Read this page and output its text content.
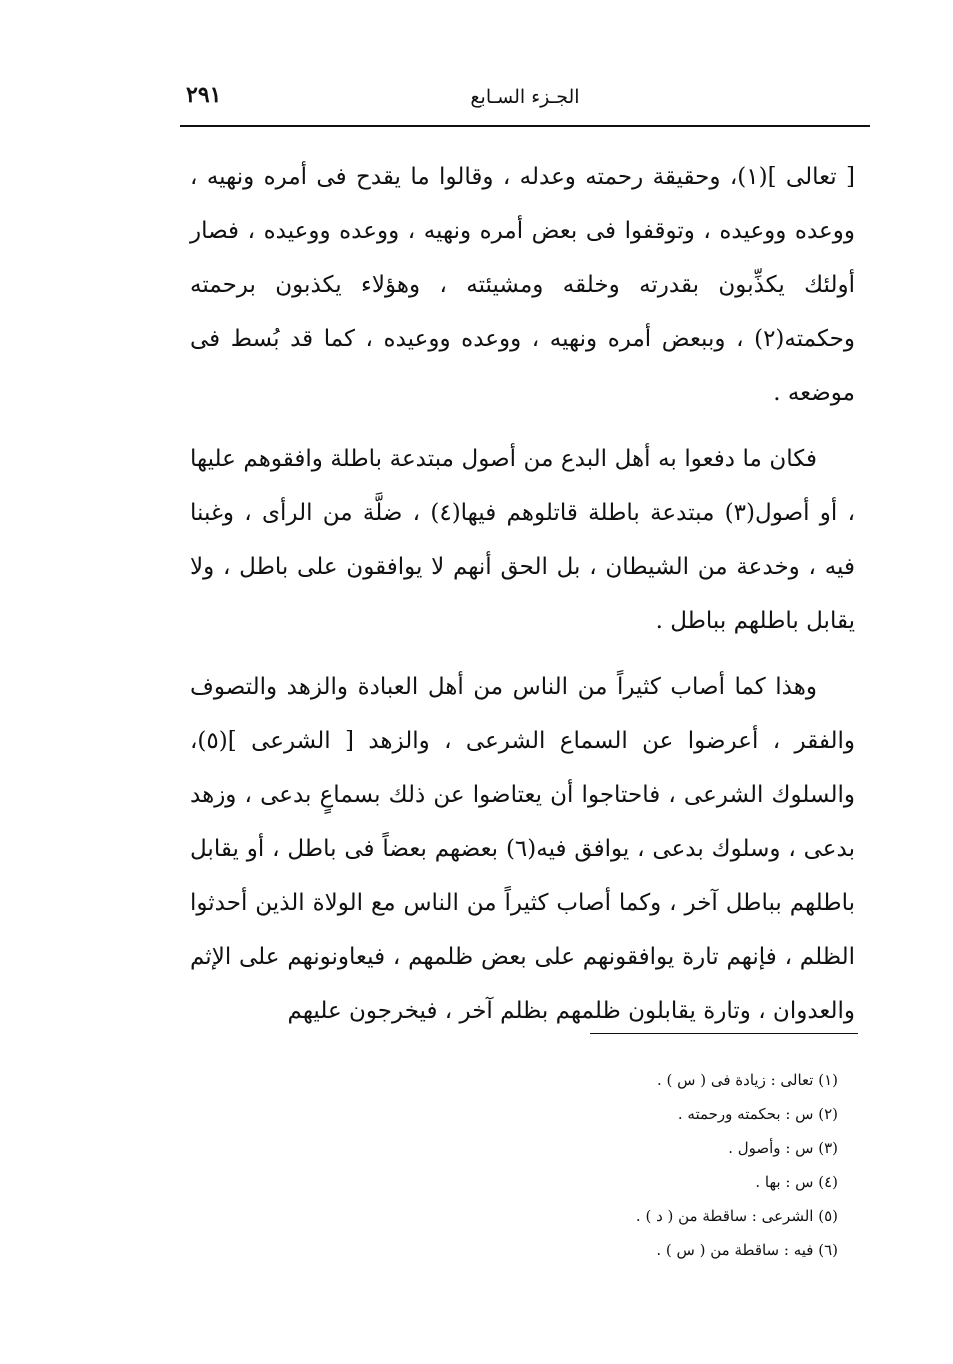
الجـزء السـابع
٢٩١

[ تعالى ](١)، وحقيقة رحمته وعدله ، وقالوا ما يقدح فى أمره ونهيه ، ووعده ووعيده ، وتوقفوا فى بعض أمره ونهيه ، ووعده ووعيده ، فصار أولئك يكذِّبون بقدرته وخلقه ومشيئته ، وهؤلاء يكذبون برحمته وحكمته(٢) ، وببعض أمره ونهيه ، ووعده ووعيده ، كما قد بُسط فى موضعه .

فكان ما دفعوا به أهل البدع من أصول مبتدعة باطلة وافقوهم عليها ، أو أصول(٣) مبتدعة باطلة قاتلوهم فيها(٤) ، ضلَّة من الرأى ، وغبنا فيه ، وخدعة من الشيطان ، بل الحق أنهم لا يوافقون على باطل ، ولا يقابل باطلهم بباطل .

وهذا كما أصاب كثيراً من الناس من أهل العبادة والزهد والتصوف والفقر ، أعرضوا عن السماع الشرعى ، والزهد [ الشرعى ](٥)، والسلوك الشرعى ، فاحتاجوا أن يعتاضوا عن ذلك بسماعٍ بدعى ، وزهد بدعى ، وسلوك بدعى ، يوافق فيه(٦) بعضهم بعضاً فى باطل ، أو يقابل باطلهم بباطل آخر ، وكما أصاب كثيراً من الناس مع الولاة الذين أحدثوا الظلم ، فإنهم تارة يوافقونهم على بعض ظلمهم ، فيعاونونهم على الإثم والعدوان ، وتارة يقابلون ظلمهم بظلم آخر ، فيخرجون عليهم

(١) تعالى : زيادة فى ( س ) .
(٢) س : بحكمته ورحمته .
(٣) س : وأصول .
(٤) س : بها .
(٥) الشرعى : ساقطة من ( د ) .
(٦) فيه : ساقطة من ( س ) .
